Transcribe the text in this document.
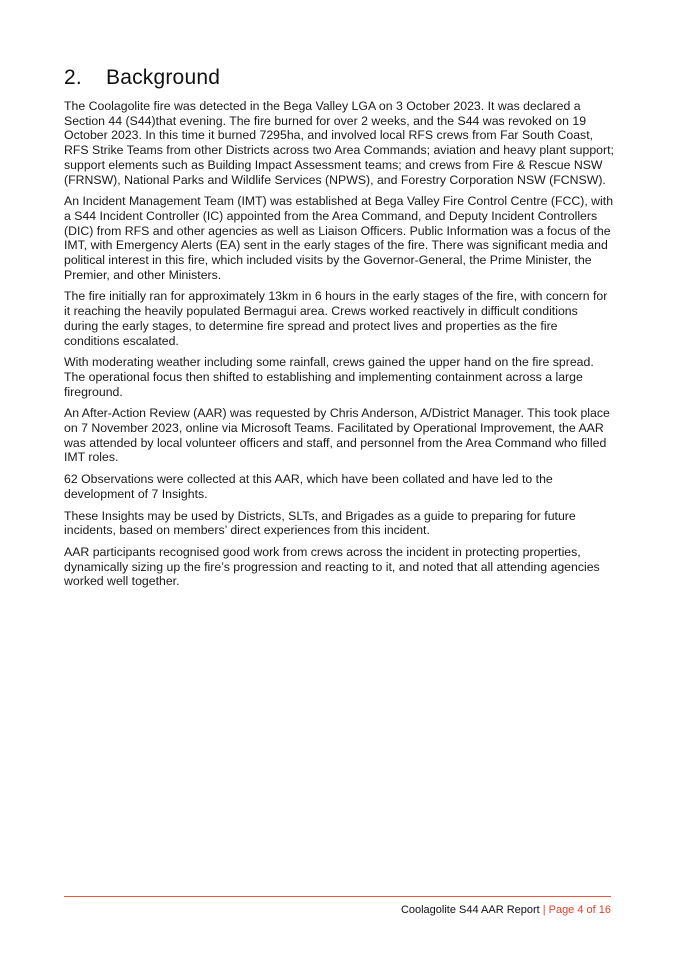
2.	Background

The Coolagolite fire was detected in the Bega Valley LGA on 3 October 2023. It was declared a Section 44 (S44)that evening. The fire burned for over 2 weeks, and the S44 was revoked on 19 October 2023. In this time it burned 7295ha, and involved local RFS crews from Far South Coast, RFS Strike Teams from other Districts across two Area Commands; aviation and heavy plant support; support elements such as Building Impact Assessment teams; and crews from Fire & Rescue NSW (FRNSW), National Parks and Wildlife Services (NPWS), and Forestry Corporation NSW (FCNSW).

An Incident Management Team (IMT) was established at Bega Valley Fire Control Centre (FCC), with a S44 Incident Controller (IC) appointed from the Area Command, and Deputy Incident Controllers (DIC) from RFS and other agencies as well as Liaison Officers. Public Information was a focus of the IMT, with Emergency Alerts (EA) sent in the early stages of the fire. There was significant media and political interest in this fire, which included visits by the Governor-General, the Prime Minister, the Premier, and other Ministers.

The fire initially ran for approximately 13km in 6 hours in the early stages of the fire, with concern for it reaching the heavily populated Bermagui area. Crews worked reactively in difficult conditions during the early stages, to determine fire spread and protect lives and properties as the fire conditions escalated.

With moderating weather including some rainfall, crews gained the upper hand on the fire spread. The operational focus then shifted to establishing and implementing containment across a large fireground.

An After-Action Review (AAR) was requested by Chris Anderson, A/District Manager. This took place on 7 November 2023, online via Microsoft Teams. Facilitated by Operational Improvement, the AAR was attended by local volunteer officers and staff, and personnel from the Area Command who filled IMT roles.

62 Observations were collected at this AAR, which have been collated and have led to the development of 7 Insights.

These Insights may be used by Districts, SLTs, and Brigades as a guide to preparing for future incidents, based on members’ direct experiences from this incident.

AAR participants recognised good work from crews across the incident in protecting properties, dynamically sizing up the fire’s progression and reacting to it, and noted that all attending agencies worked well together.

Coolagolite S44 AAR Report | Page 4 of 16
